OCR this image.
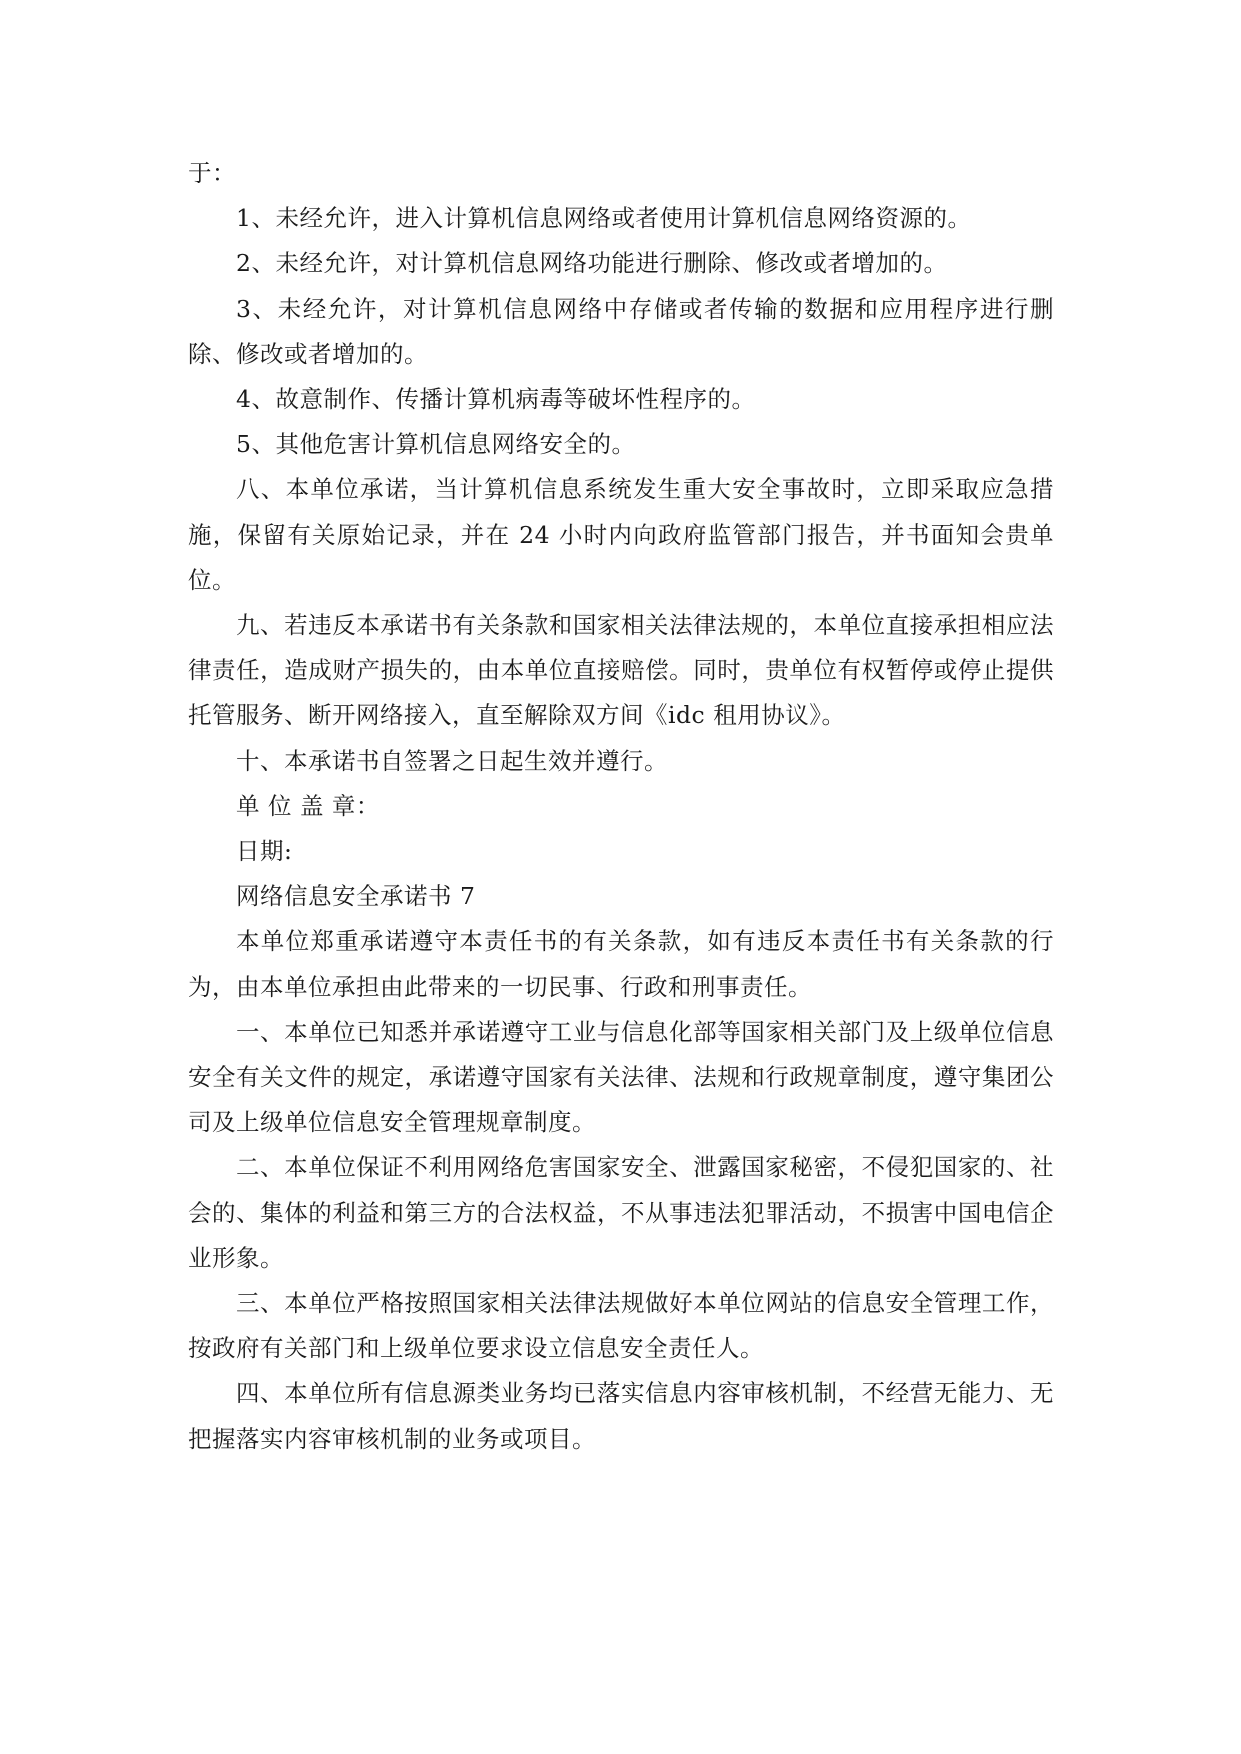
于：

1、未经允许，进入计算机信息网络或者使用计算机信息网络资源的。

2、未经允许，对计算机信息网络功能进行删除、修改或者增加的。

3、未经允许，对计算机信息网络中存储或者传输的数据和应用程序进行删除、修改或者增加的。

4、故意制作、传播计算机病毒等破坏性程序的。

5、其他危害计算机信息网络安全的。

八、本单位承诺，当计算机信息系统发生重大安全事故时，立即采取应急措施，保留有关原始记录，并在 24 小时内向政府监管部门报告，并书面知会贵单位。

九、若违反本承诺书有关条款和国家相关法律法规的，本单位直接承担相应法律责任，造成财产损失的，由本单位直接赔偿。同时，贵单位有权暂停或停止提供托管服务、断开网络接入，直至解除双方间《idc 租用协议》。

十、本承诺书自签署之日起生效并遵行。

单 位 盖 章：

日期:

网络信息安全承诺书 7

本单位郑重承诺遵守本责任书的有关条款，如有违反本责任书有关条款的行为，由本单位承担由此带来的一切民事、行政和刑事责任。

一、本单位已知悉并承诺遵守工业与信息化部等国家相关部门及上级单位信息安全有关文件的规定，承诺遵守国家有关法律、法规和行政规章制度，遵守集团公司及上级单位信息安全管理规章制度。

二、本单位保证不利用网络危害国家安全、泄露国家秘密，不侵犯国家的、社会的、集体的利益和第三方的合法权益，不从事违法犯罪活动，不损害中国电信企业形象。

三、本单位严格按照国家相关法律法规做好本单位网站的信息安全管理工作，按政府有关部门和上级单位要求设立信息安全责任人。

四、本单位所有信息源类业务均已落实信息内容审核机制，不经营无能力、无把握落实内容审核机制的业务或项目。
